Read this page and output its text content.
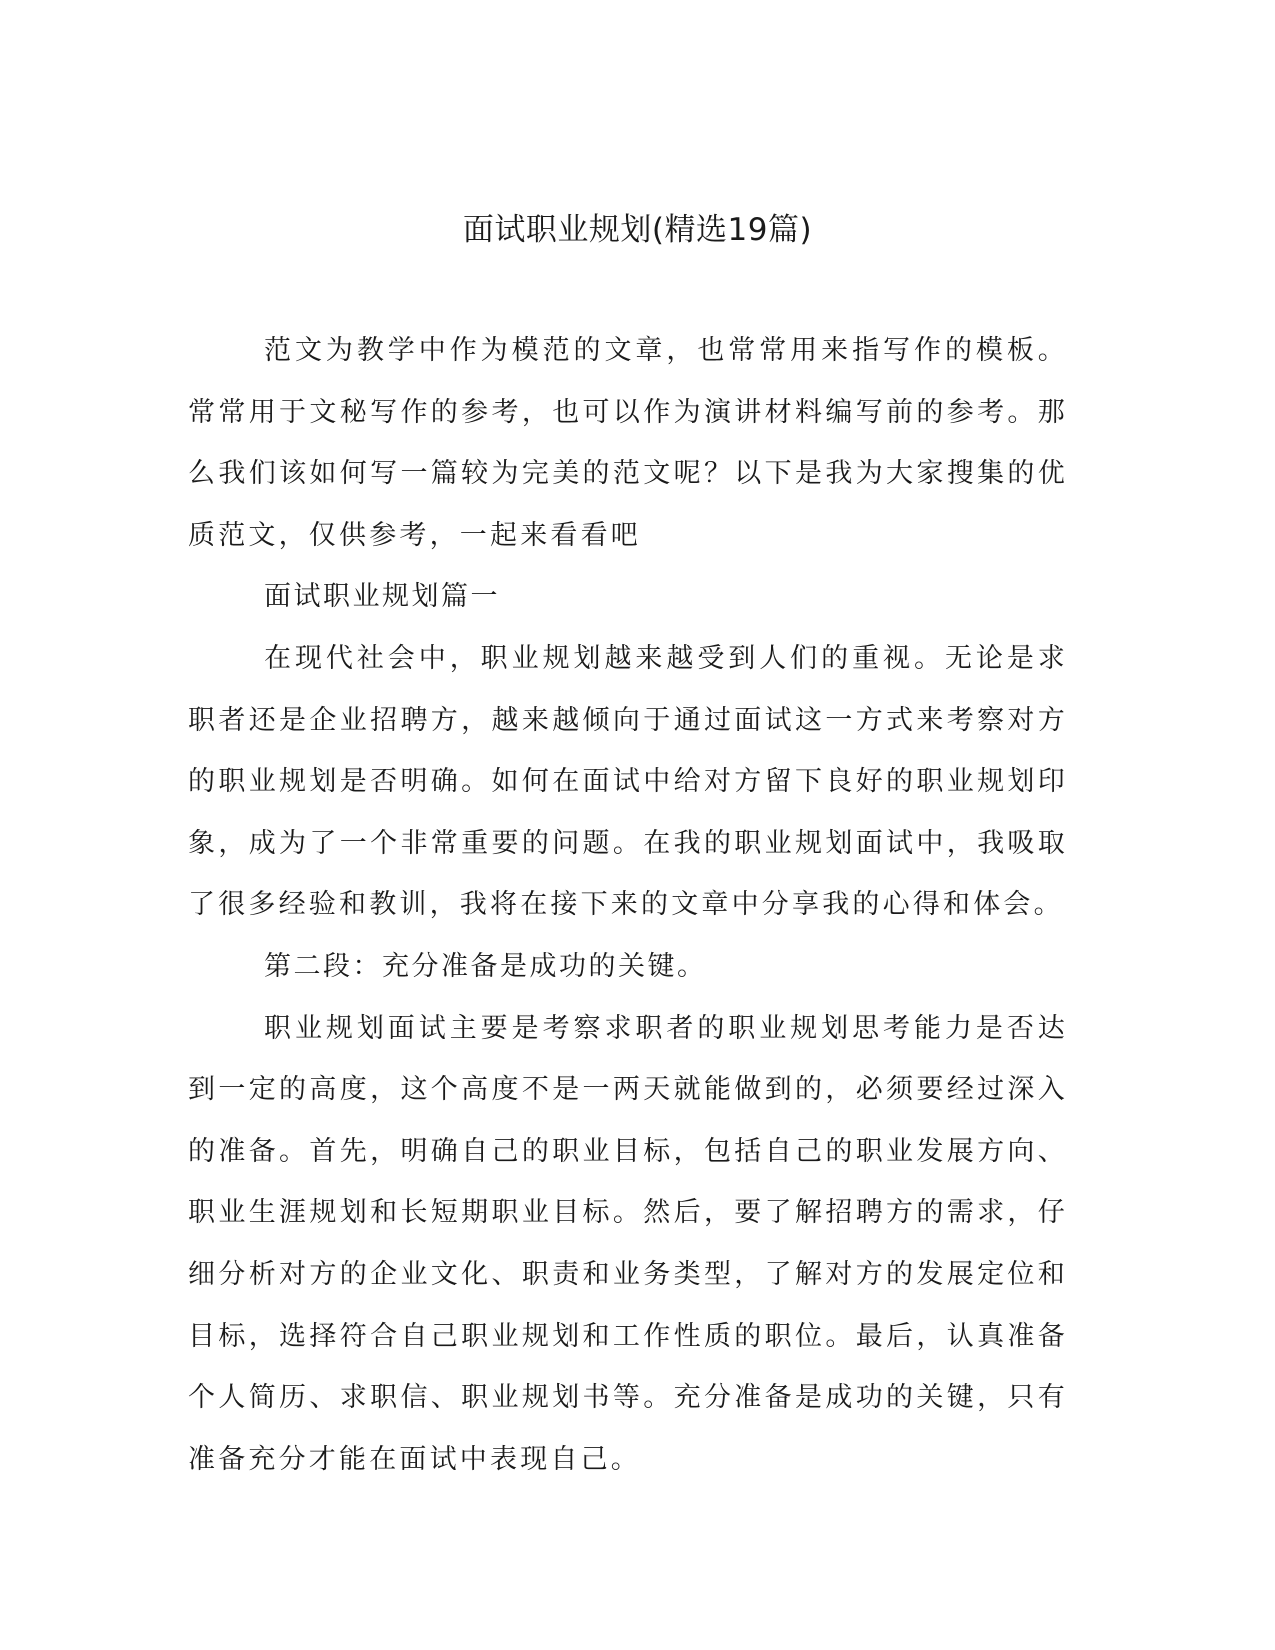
面试职业规划(精选19篇)

范文为教学中作为模范的文章，也常常用来指写作的模板。常常用于文秘写作的参考，也可以作为演讲材料编写前的参考。那么我们该如何写一篇较为完美的范文呢？以下是我为大家搜集的优质范文，仅供参考，一起来看看吧

面试职业规划篇一

在现代社会中，职业规划越来越受到人们的重视。无论是求职者还是企业招聘方，越来越倾向于通过面试这一方式来考察对方的职业规划是否明确。如何在面试中给对方留下良好的职业规划印象，成为了一个非常重要的问题。在我的职业规划面试中，我吸取了很多经验和教训，我将在接下来的文章中分享我的心得和体会。

第二段：充分准备是成功的关键。

职业规划面试主要是考察求职者的职业规划思考能力是否达到一定的高度，这个高度不是一两天就能做到的，必须要经过深入的准备。首先，明确自己的职业目标，包括自己的职业发展方向、职业生涯规划和长短期职业目标。然后，要了解招聘方的需求，仔细分析对方的企业文化、职责和业务类型，了解对方的发展定位和目标，选择符合自己职业规划和工作性质的职位。最后，认真准备个人简历、求职信、职业规划书等。充分准备是成功的关键，只有准备充分才能在面试中表现自己。
